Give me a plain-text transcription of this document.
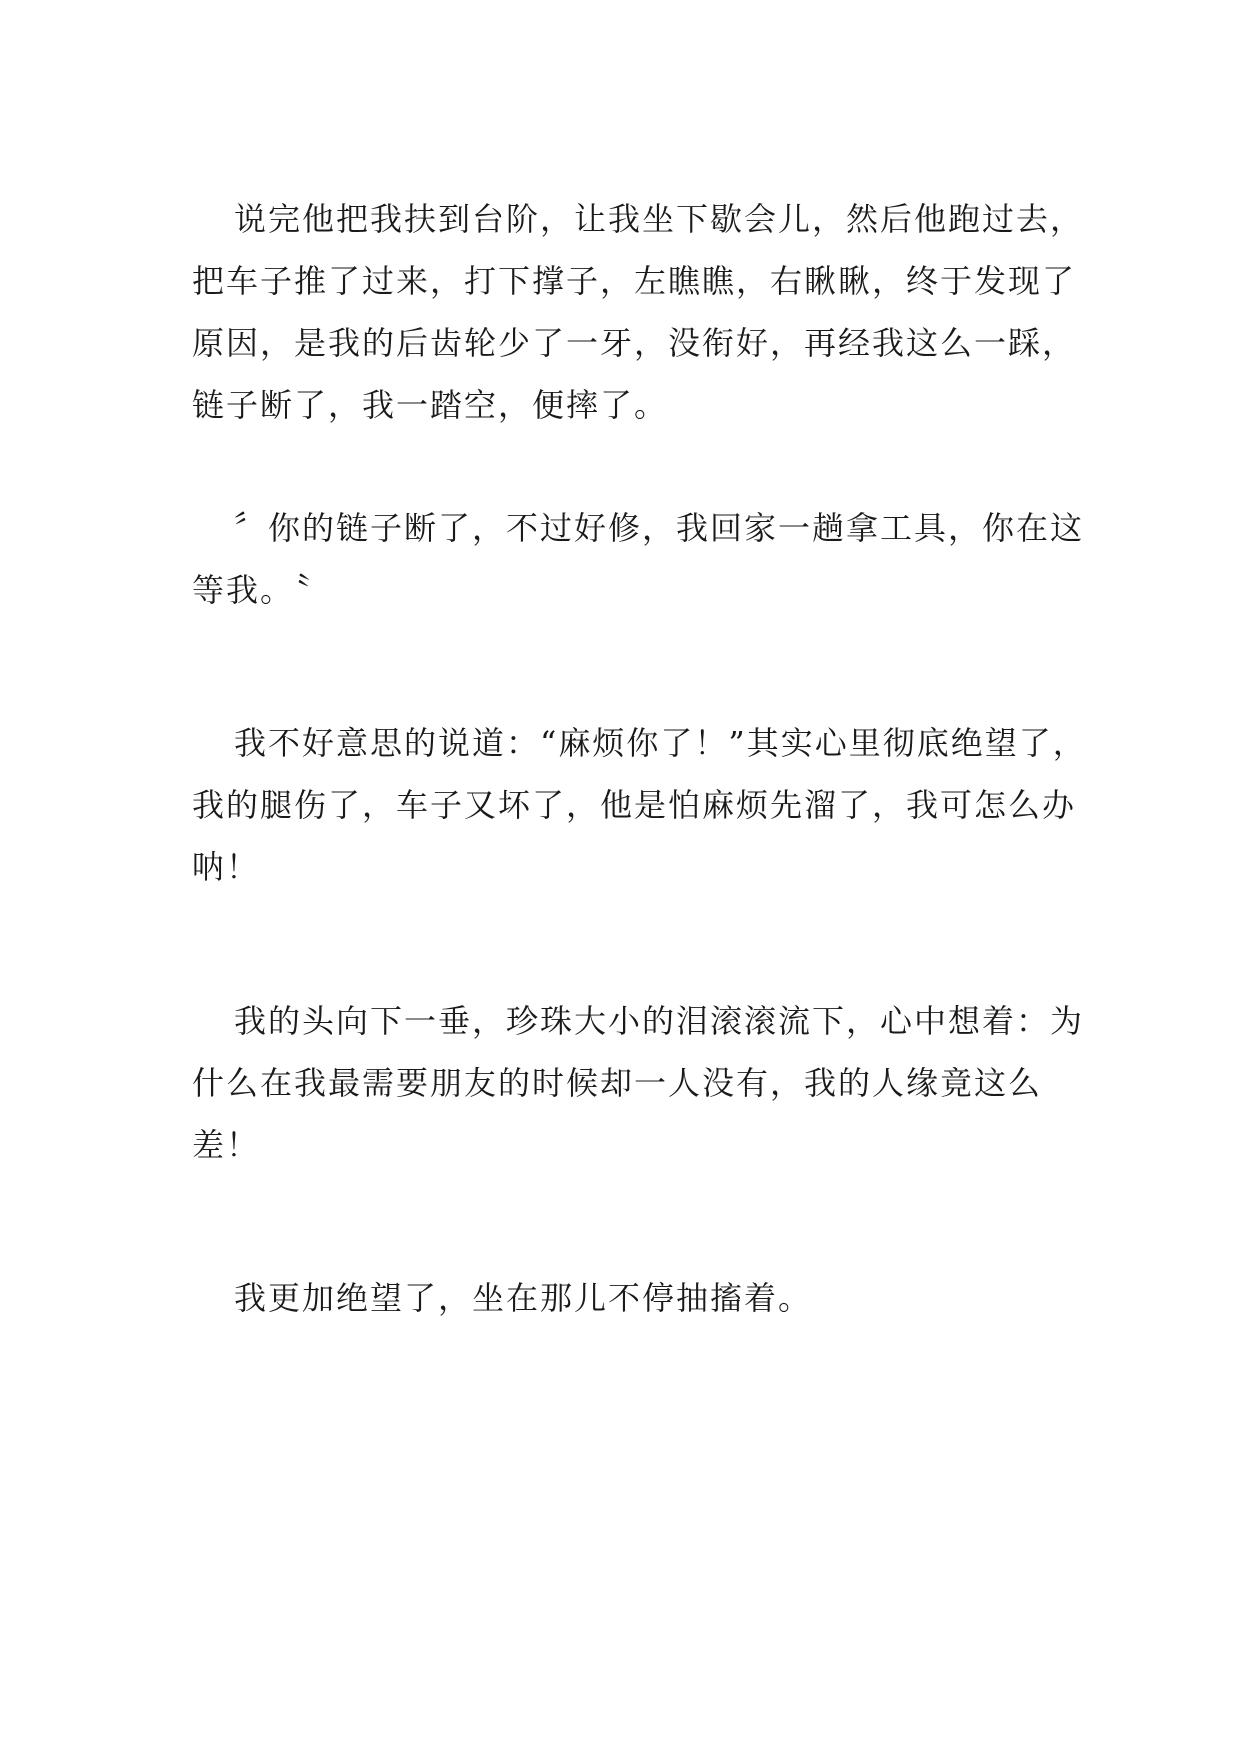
说完他把我扶到台阶，让我坐下歇会儿，然后他跑过去，
把车子推了过来，打下撑子，左瞧瞧，右瞅瞅，终于发现了
原因，是我的后齿轮少了一牙，没衔好，再经我这么一踩，
链子断了，我一踏空，便摔了。
〞你的链子断了，不过好修，我回家一趟拿工具，你在这
等我。〝
我不好意思的说道：“麻烦你了！”其实心里彻底绝望了，
我的腿伤了，车子又坏了，他是怕麻烦先溜了，我可怎么办
呐！
我的头向下一垂，珍珠大小的泪滚滚流下，心中想着：为
什么在我最需要朋友的时候却一人没有，我的人缘竟这么
差！
我更加绝望了，坐在那儿不停抽搐着。
